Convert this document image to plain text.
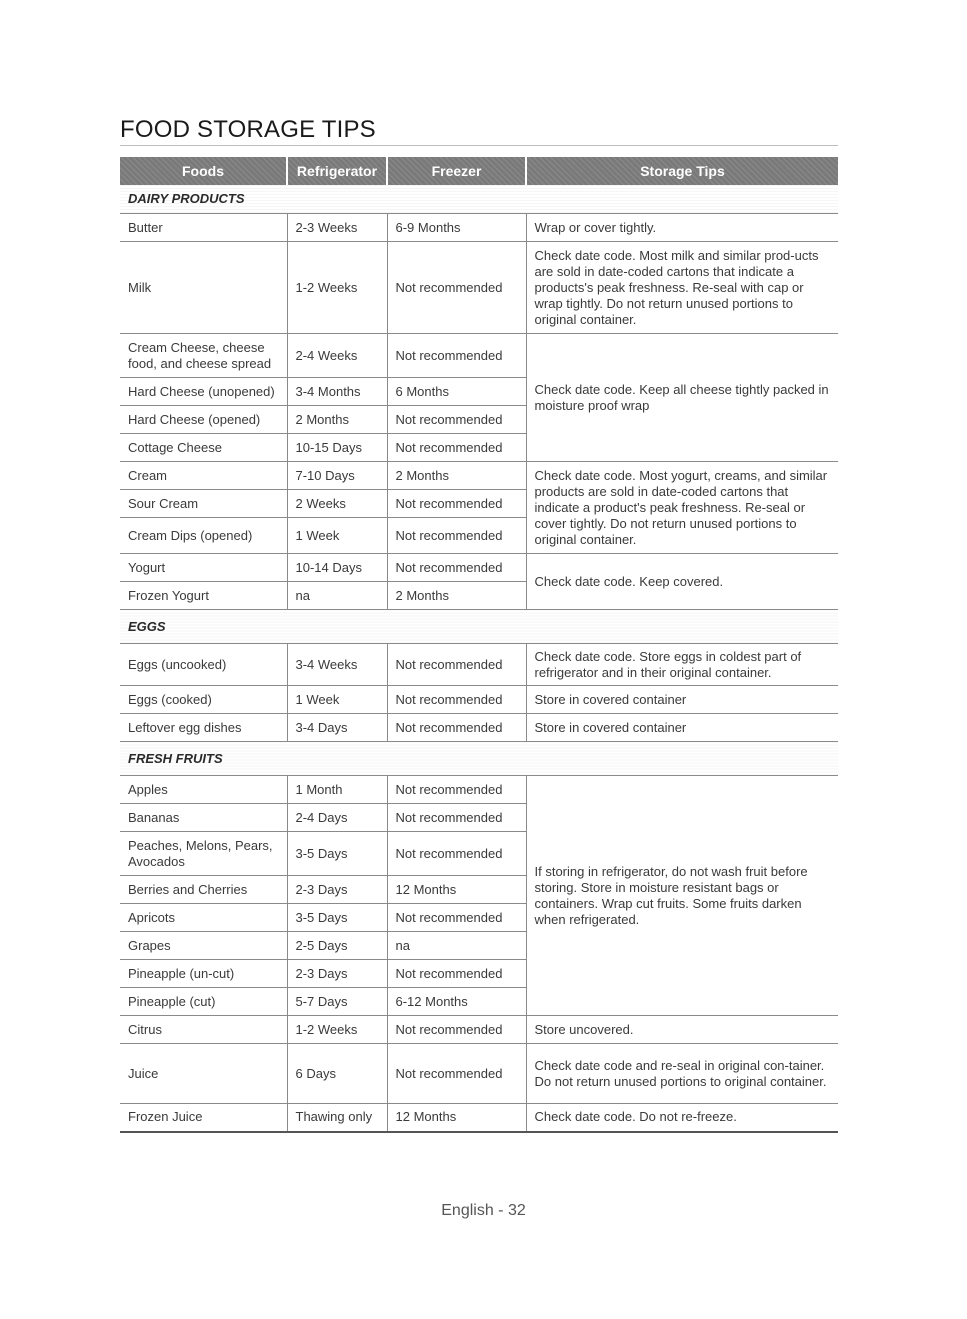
FOOD STORAGE TIPS
Foods	Refrigerator	Freezer	Storage Tips
DAIRY PRODUCTS			
Butter	2-3 Weeks	6-9 Months	Wrap or cover tightly.
Milk	1-2 Weeks	Not recommended	Check date code. Most milk and similar prod-ucts are sold in date-coded cartons that indicate a products's peak freshness. Re-seal with cap or wrap tightly. Do not return unused portions to original container.
Cream Cheese, cheese food, and cheese spread	2-4 Weeks	Not recommended	Check date code. Keep all cheese tightly packed in moisture proof wrap
Hard Cheese (unopened)	3-4 Months	6 Months	
Hard Cheese (opened)	2 Months	Not recommended	
Cottage Cheese	10-15 Days	Not recommended	
Cream	7-10 Days	2 Months	Check date code. Most yogurt, creams, and similar products are sold in date-coded cartons that indicate a product's peak freshness. Re-seal or cover tightly. Do not return unused portions to original container.
Sour Cream	2 Weeks	Not recommended	
Cream Dips (opened)	1 Week	Not recommended	
Yogurt	10-14 Days	Not recommended	Check date code. Keep covered.
Frozen Yogurt	na	2 Months	
EGGS			
Eggs (uncooked)	3-4 Weeks	Not recommended	Check date code. Store eggs in coldest part of refrigerator and in their original container.
Eggs (cooked)	1 Week	Not recommended	Store in covered container
Leftover egg dishes	3-4 Days	Not recommended	Store in covered container
FRESH FRUITS			
Apples	1 Month	Not recommended	If storing in refrigerator, do not wash fruit before storing. Store in moisture resistant bags or containers. Wrap cut fruits. Some fruits darken when refrigerated.
Bananas	2-4 Days	Not recommended	
Peaches, Melons, Pears, Avocados	3-5 Days	Not recommended	
Berries and Cherries	2-3 Days	12 Months	
Apricots	3-5 Days	Not recommended	
Grapes	2-5 Days	na	
Pineapple (un-cut)	2-3 Days	Not recommended	
Pineapple (cut)	5-7 Days	6-12 Months	
Citrus	1-2 Weeks	Not recommended	Store uncovered.
Juice	6 Days	Not recommended	Check date code and re-seal in original con-tainer. Do not return unused portions to original container.
Frozen Juice	Thawing only	12 Months	Check date code. Do not re-freeze.
English - 32
